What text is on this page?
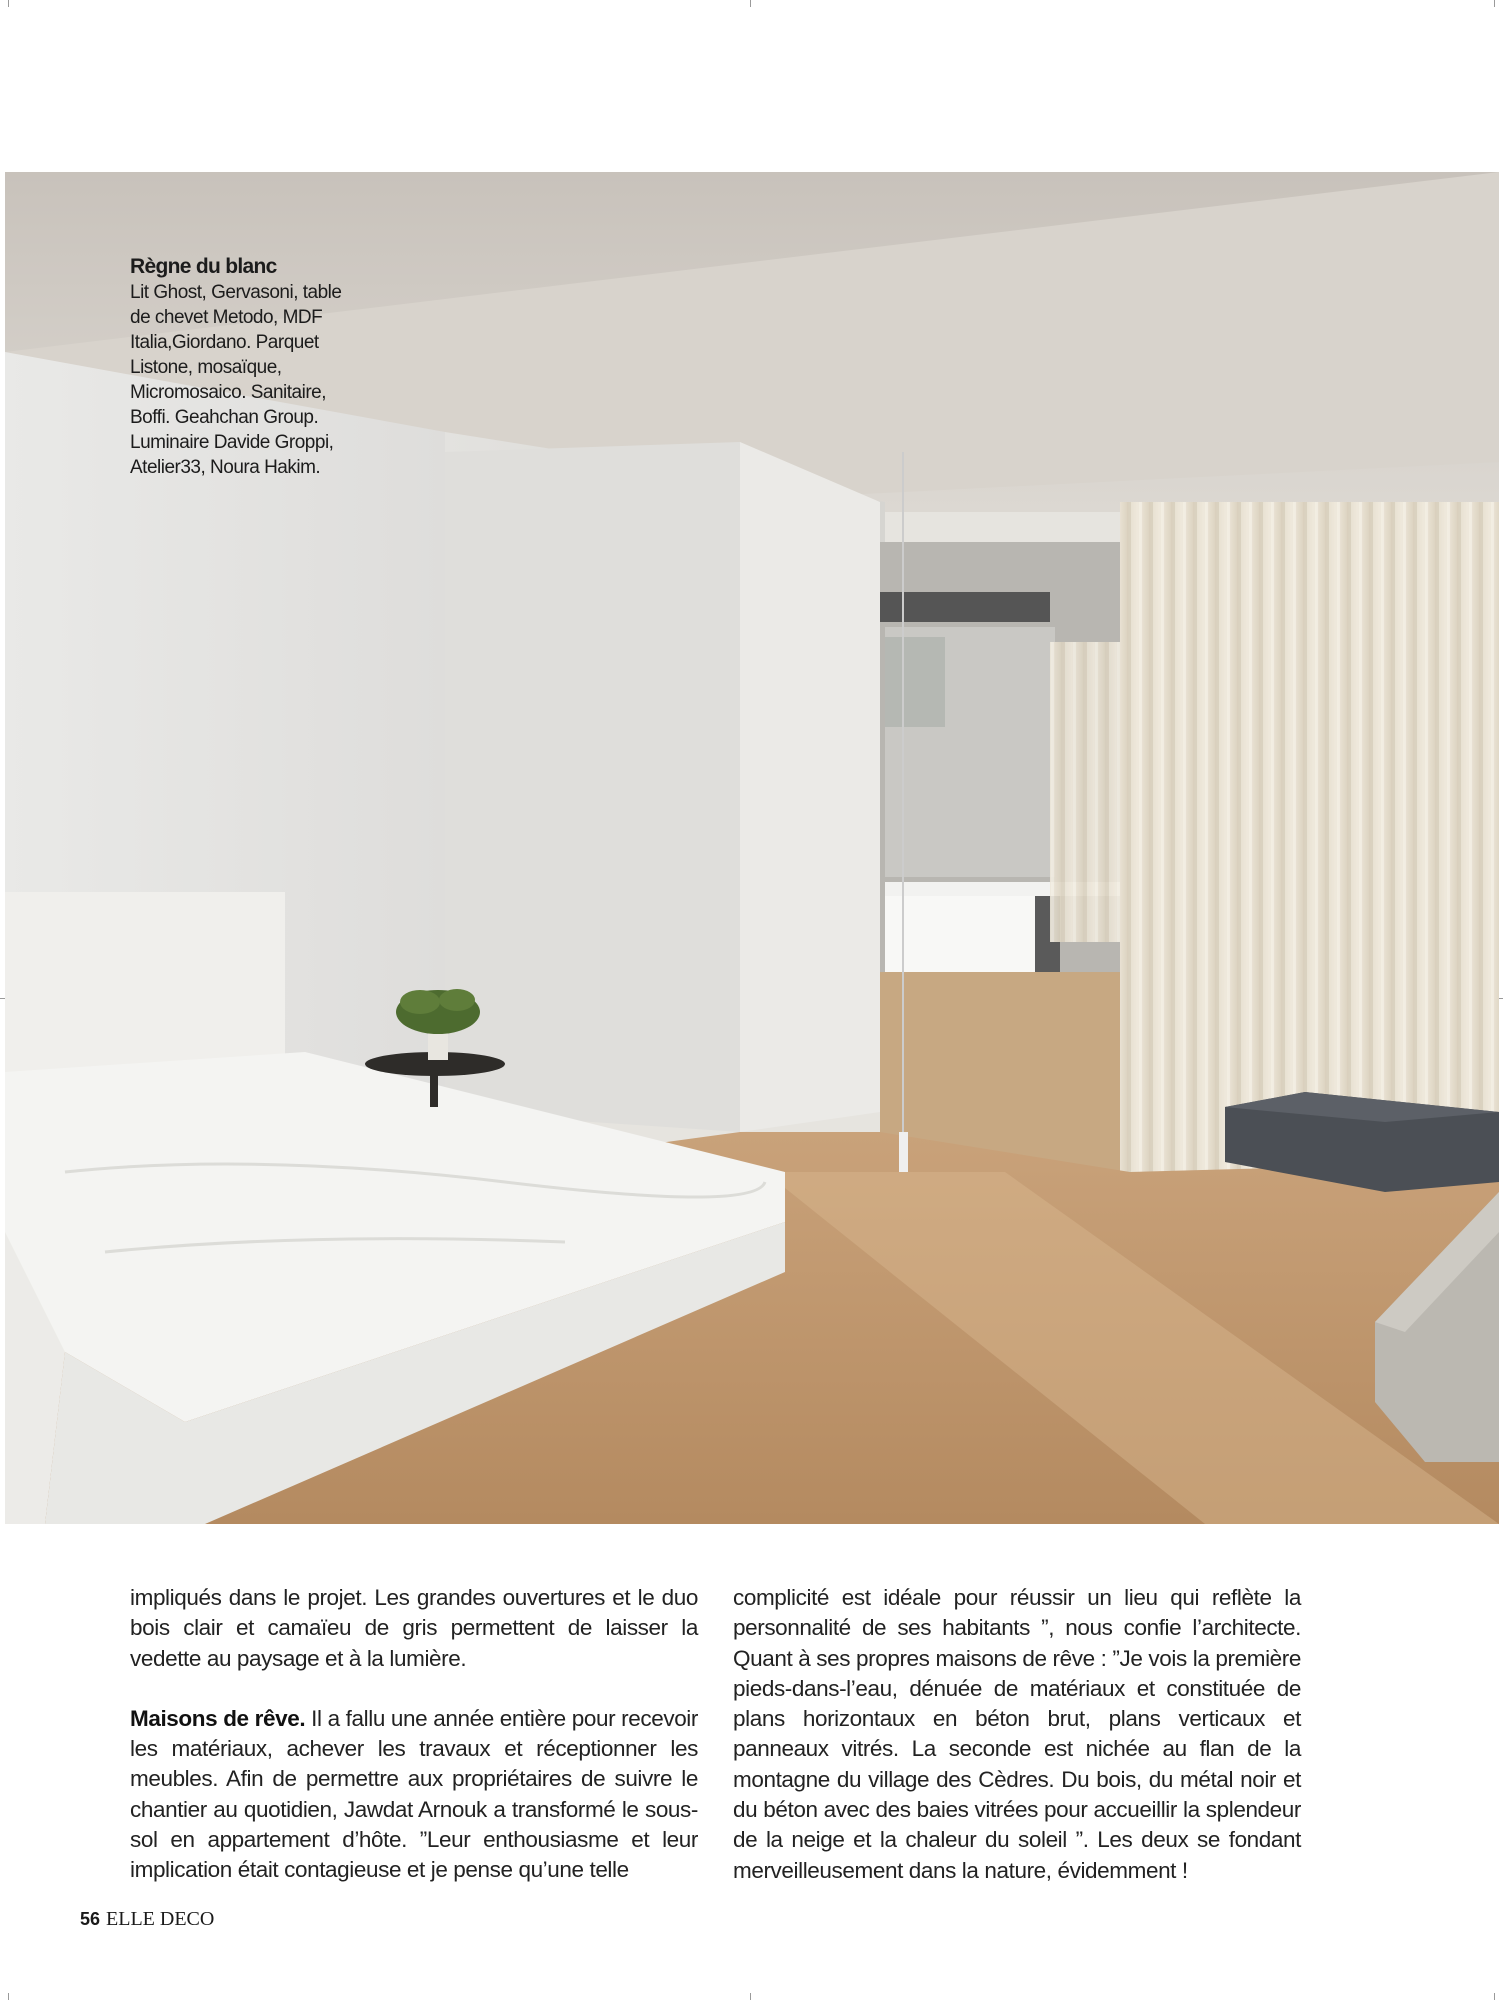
Règne du blanc
Lit Ghost, Gervasoni, table
de chevet Metodo, MDF
Italia,Giordano. Parquet
Listone, mosaïque,
Micromosaico. Sanitaire,
Boffi. Geahchan Group.
Luminaire Davide Groppi,
Atelier33, Noura Hakim.

impliqués dans le projet. Les grandes ouvertures et le duo bois clair et camaïeu de gris permettent de laisser la vedette au paysage et à la lumière.

Maisons de rêve. Il a fallu une année entière pour recevoir les matériaux, achever les travaux et réceptionner les meubles. Afin de permettre aux propriétaires de suivre le chantier au quotidien, Jawdat Arnouk a transformé le sous-sol en appartement d’hôte. ”Leur enthousiasme et leur implication était contagieuse et je pense qu’une telle

complicité est idéale pour réussir un lieu qui reflète la personnalité de ses habitants ”, nous confie l’architecte. Quant à ses propres maisons de rêve : ”Je vois la première pieds-dans-l’eau, dénuée de matériaux et constituée de plans horizontaux en béton brut, plans verticaux et panneaux vitrés. La seconde est nichée au flan de la montagne du village des Cèdres. Du bois, du métal noir et du béton avec des baies vitrées pour accueillir la splendeur de la neige et la chaleur du soleil ”. Les deux se fondant merveilleusement dans la nature, évidemment !

56 ELLE DECO
